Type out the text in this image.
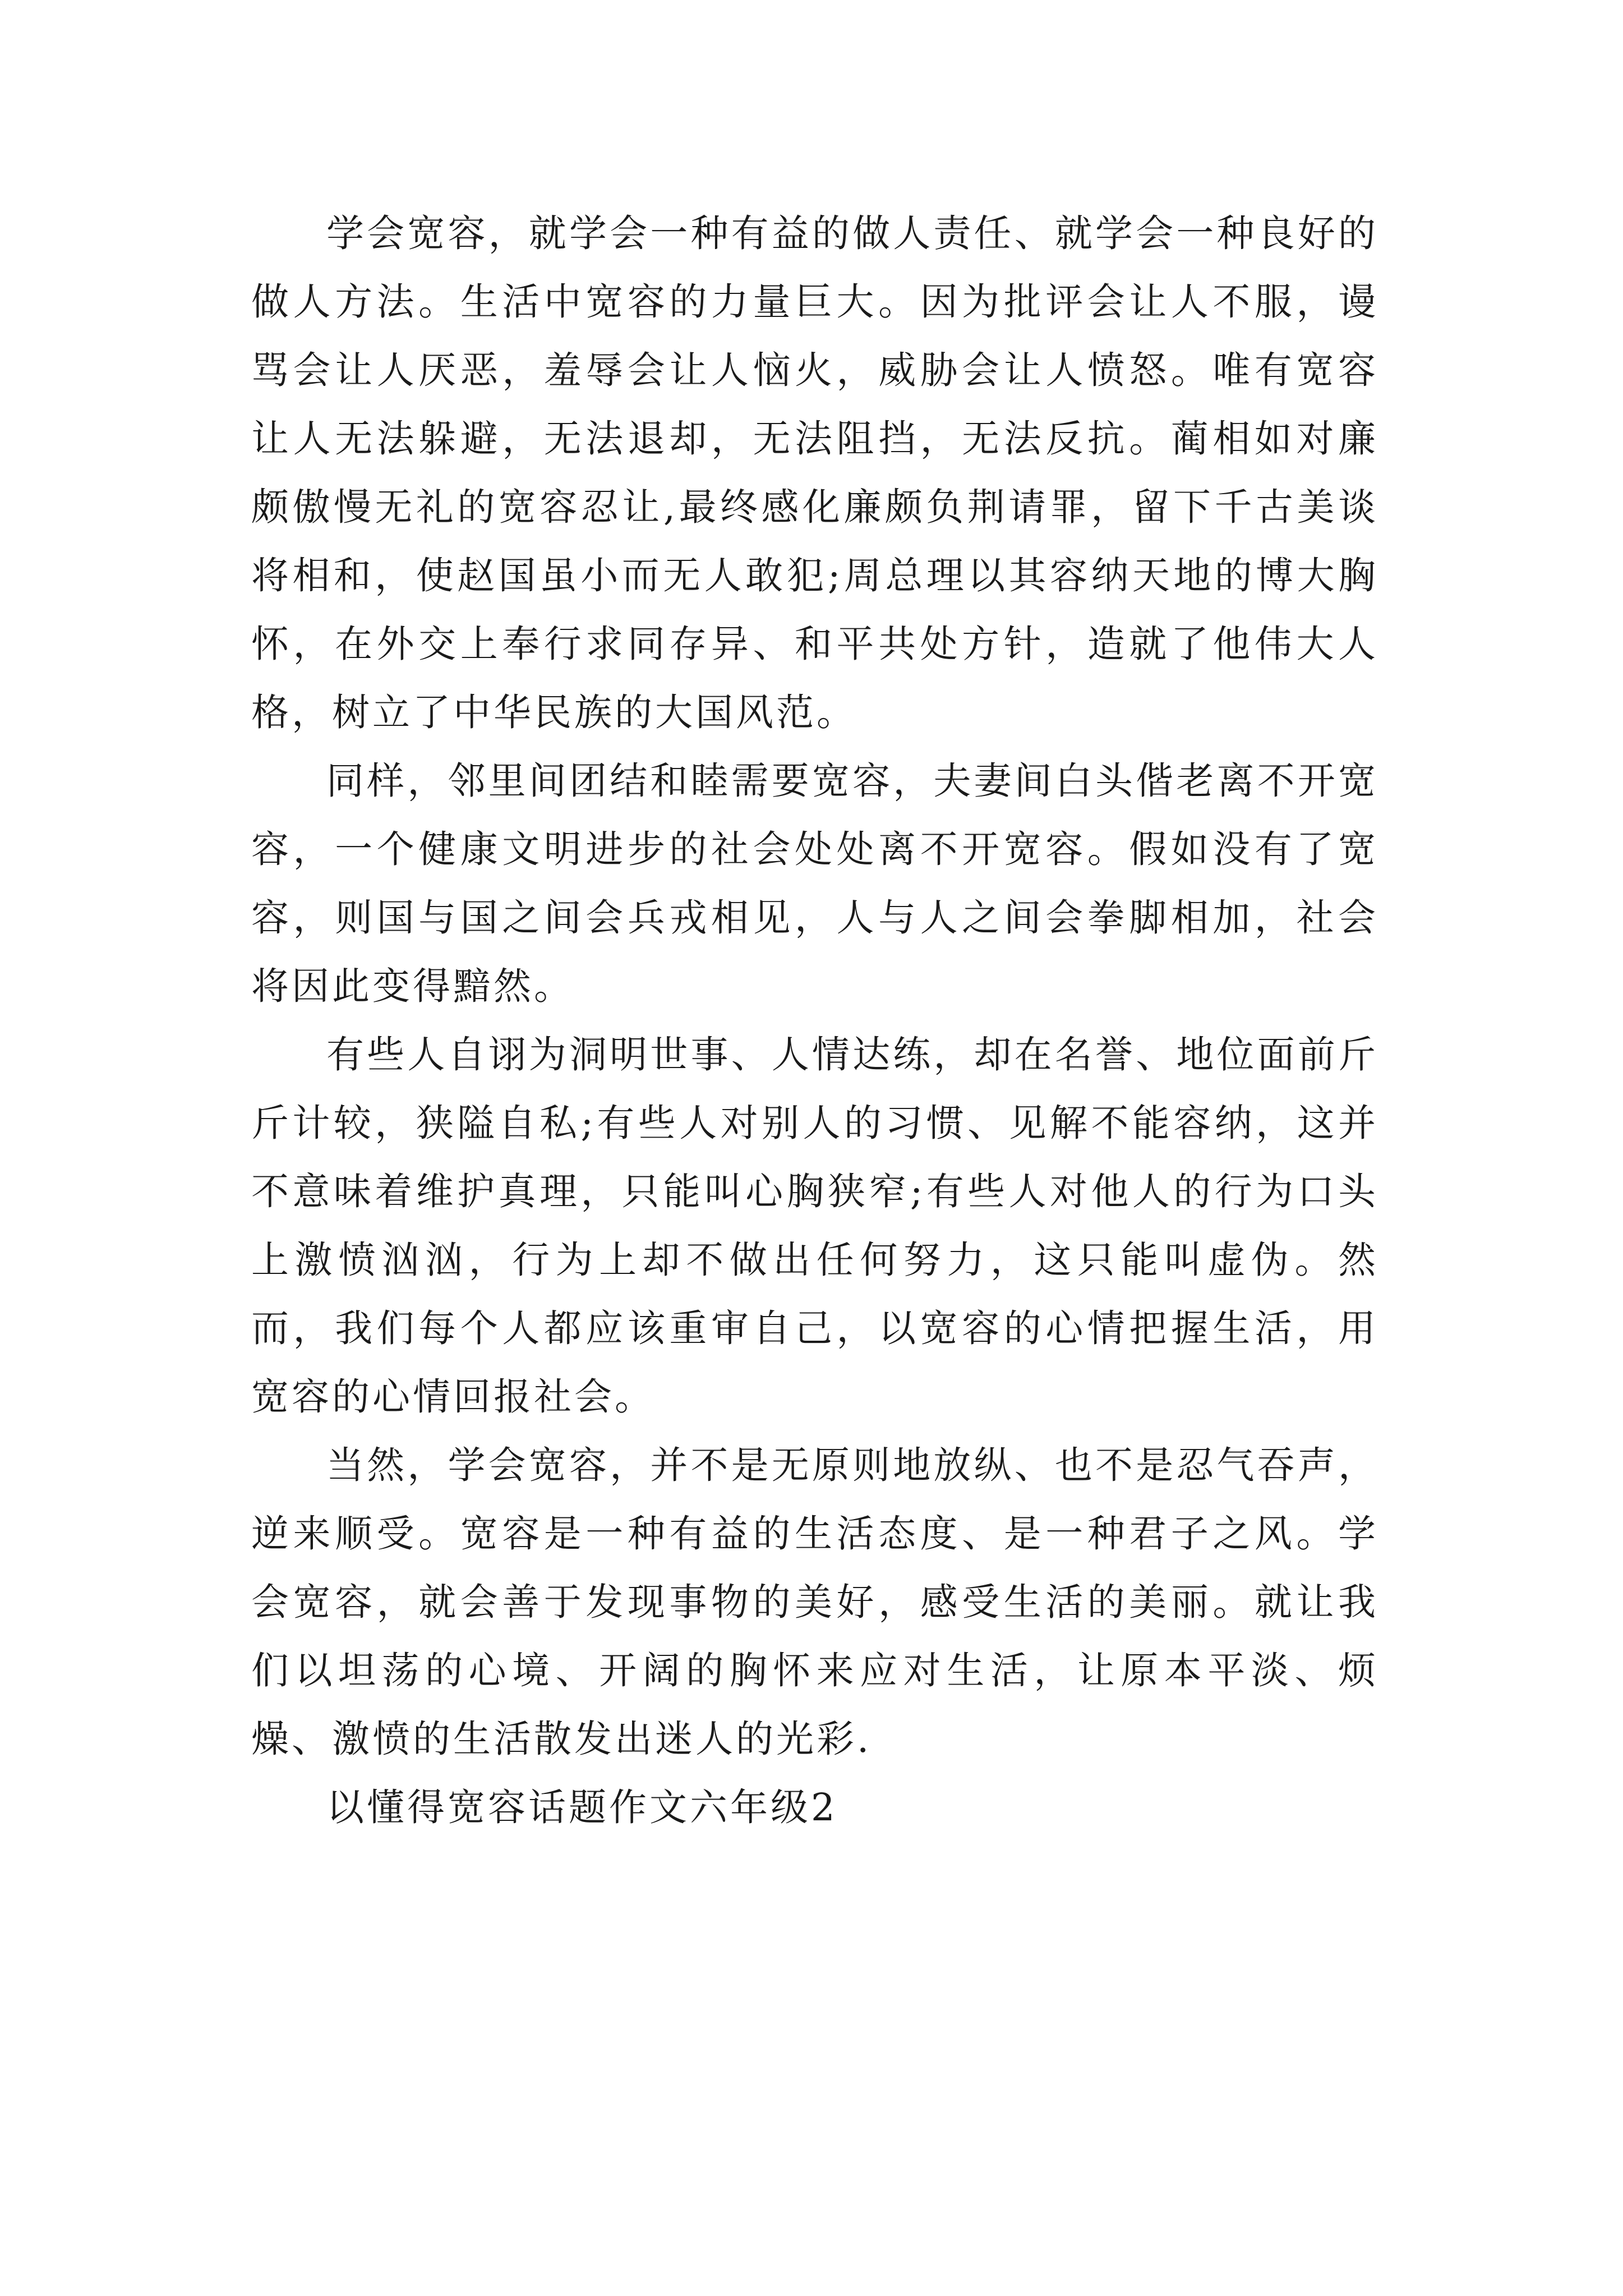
学会宽容，就学会一种有益的做人责任、就学会一种良好的做人方法。生活中宽容的力量巨大。因为批评会让人不服，谩骂会让人厌恶，羞辱会让人恼火，威胁会让人愤怒。唯有宽容让人无法躲避，无法退却，无法阻挡，无法反抗。蔺相如对廉颇傲慢无礼的宽容忍让,最终感化廉颇负荆请罪，留下千古美谈将相和，使赵国虽小而无人敢犯;周总理以其容纳天地的博大胸怀，在外交上奉行求同存异、和平共处方针，造就了他伟大人格，树立了中华民族的大国风范。

同样，邻里间团结和睦需要宽容，夫妻间白头偕老离不开宽容，一个健康文明进步的社会处处离不开宽容。假如没有了宽容，则国与国之间会兵戎相见，人与人之间会拳脚相加，社会将因此变得黯然。

有些人自诩为洞明世事、人情达练，却在名誉、地位面前斤斤计较，狭隘自私;有些人对别人的习惯、见解不能容纳，这并不意味着维护真理，只能叫心胸狭窄;有些人对他人的行为口头上激愤汹汹，行为上却不做出任何努力，这只能叫虚伪。然而，我们每个人都应该重审自己，以宽容的心情把握生活，用宽容的心情回报社会。

当然，学会宽容，并不是无原则地放纵、也不是忍气吞声，逆来顺受。宽容是一种有益的生活态度、是一种君子之风。学会宽容，就会善于发现事物的美好，感受生活的美丽。就让我们以坦荡的心境、开阔的胸怀来应对生活，让原本平淡、烦燥、激愤的生活散发出迷人的光彩.

以懂得宽容话题作文六年级2
